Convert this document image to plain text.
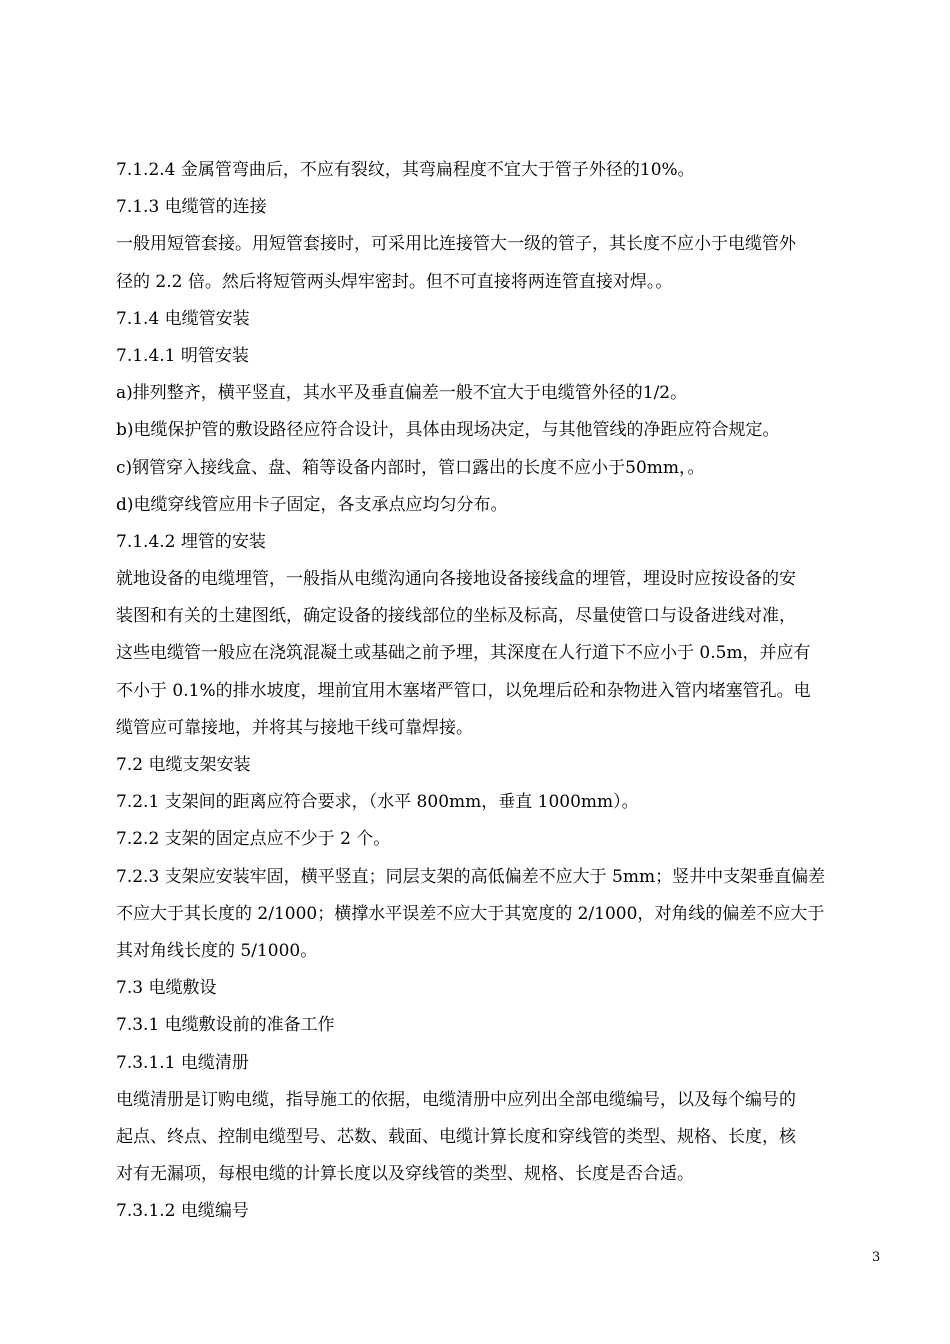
7.1.2.4 金属管弯曲后，不应有裂纹，其弯扁程度不宜大于管子外径的10%。
7.1.3 电缆管的连接
一般用短管套接。用短管套接时，可采用比连接管大一级的管子，其长度不应小于电缆管外
径的 2.2 倍。然后将短管两头焊牢密封。但不可直接将两连管直接对焊。。
7.1.4 电缆管安装
7.1.4.1 明管安装
a)排列整齐，横平竖直，其水平及垂直偏差一般不宜大于电缆管外径的1/2。
b)电缆保护管的敷设路径应符合设计，具体由现场决定，与其他管线的净距应符合规定。
c)钢管穿入接线盒、盘、箱等设备内部时，管口露出的长度不应小于50mm，。
d)电缆穿线管应用卡子固定，各支承点应均匀分布。
7.1.4.2 埋管的安装
就地设备的电缆埋管，一般指从电缆沟通向各接地设备接线盒的埋管，埋设时应按设备的安
装图和有关的土建图纸，确定设备的接线部位的坐标及标高，尽量使管口与设备进线对准，
这些电缆管一般应在浇筑混凝土或基础之前予埋，其深度在人行道下不应小于 0.5m，并应有
不小于 0.1%的排水坡度，埋前宜用木塞堵严管口，以免埋后砼和杂物进入管内堵塞管孔。电
缆管应可靠接地，并将其与接地干线可靠焊接。
7.2 电缆支架安装
7.2.1 支架间的距离应符合要求，（水平 800mm，垂直 1000mm）。
7.2.2 支架的固定点应不少于 2 个。
7.2.3 支架应安装牢固，横平竖直；同层支架的高低偏差不应大于 5mm；竖井中支架垂直偏差
不应大于其长度的 2/1000；横撑水平误差不应大于其宽度的 2/1000，对角线的偏差不应大于
其对角线长度的 5/1000。
7.3 电缆敷设
7.3.1 电缆敷设前的准备工作
7.3.1.1 电缆清册
电缆清册是订购电缆，指导施工的依据，电缆清册中应列出全部电缆编号，以及每个编号的
起点、终点、控制电缆型号、芯数、载面、电缆计算长度和穿线管的类型、规格、长度，核
对有无漏项，每根电缆的计算长度以及穿线管的类型、规格、长度是否合适。
7.3.1.2 电缆编号
3
